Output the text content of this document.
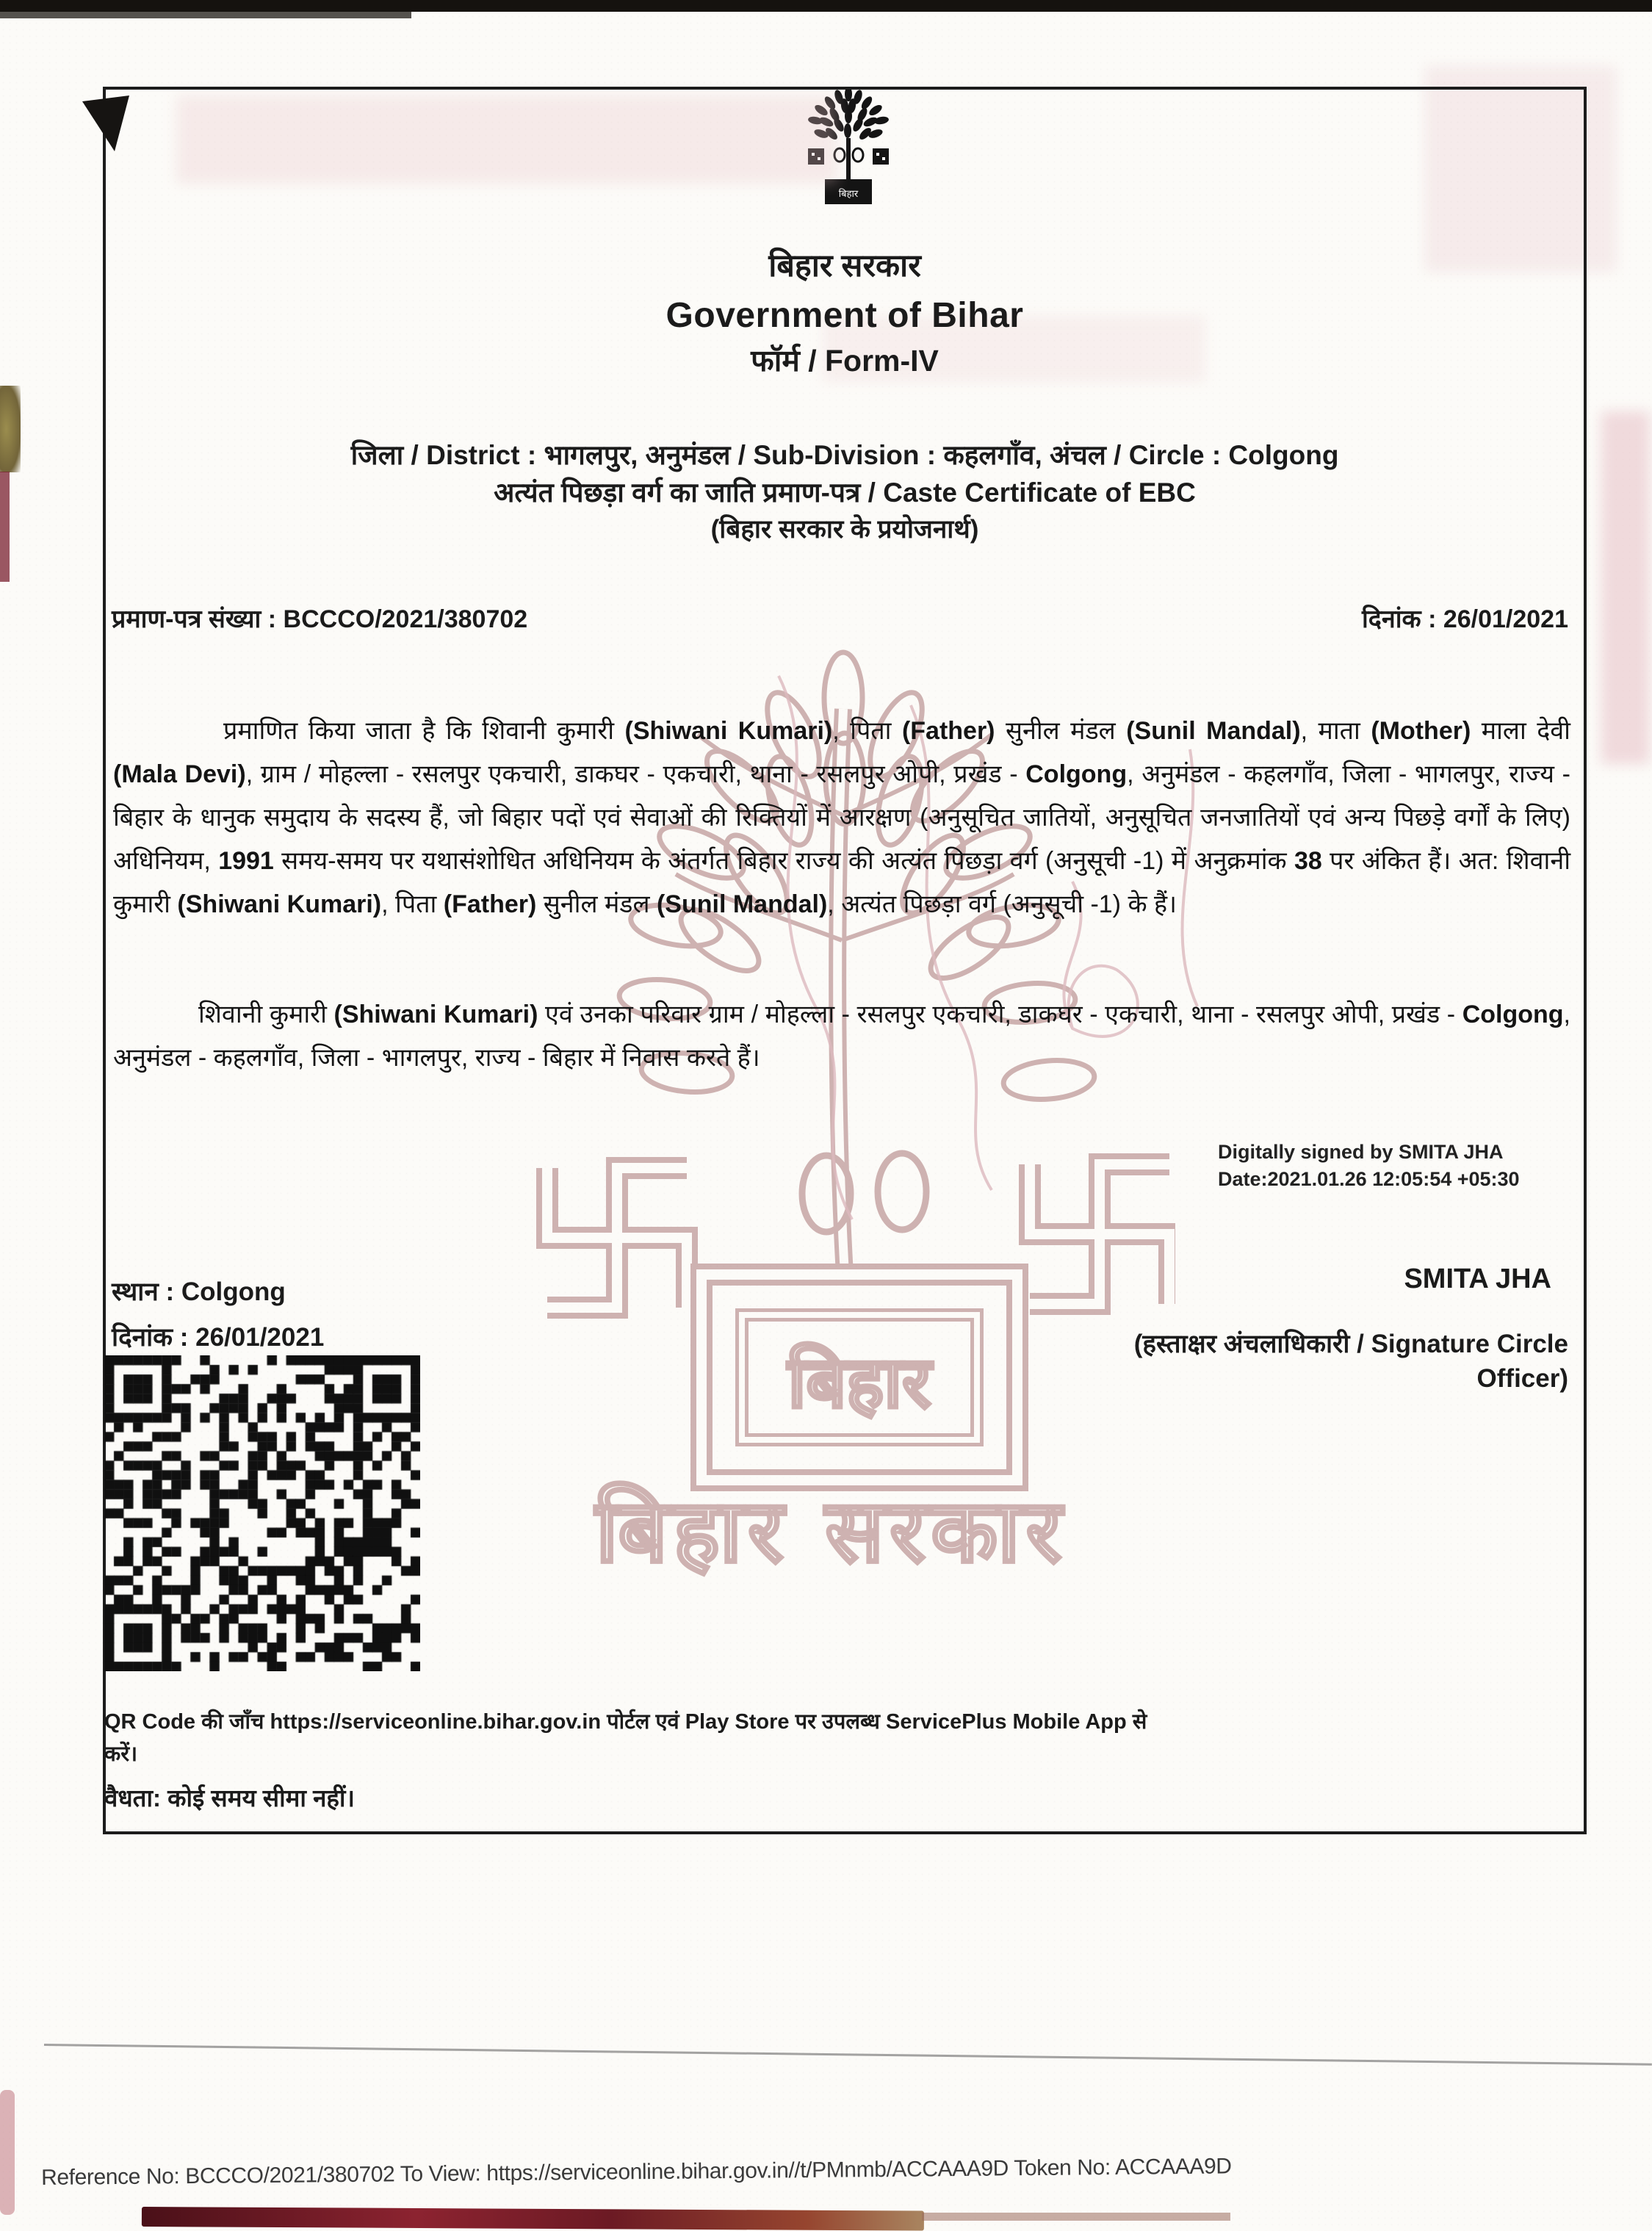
बिहार
बिहार सरकार
बिहार
बिहार सरकार
Government of Bihar
फॉर्म / Form-IV
जिला / District : भागलपुर, अनुमंडल / Sub-Division : कहलगाँव, अंचल / Circle : Colgong
अत्यंत पिछड़ा वर्ग का जाति प्रमाण-पत्र / Caste Certificate of EBC
(बिहार सरकार के प्रयोजनार्थ)
प्रमाण-पत्र संख्या : BCCCO/2021/380702	दिनांक : 26/01/2021
प्रमाणित किया जाता है कि शिवानी कुमारी (Shiwani Kumari), पिता (Father) सुनील मंडल (Sunil Mandal), माता (Mother) माला देवी (Mala Devi), ग्राम / मोहल्ला - रसलपुर एकचारी, डाकघर - एकचारी, थाना - रसलपुर ओपी, प्रखंड - Colgong, अनुमंडल - कहलगाँव, जिला - भागलपुर, राज्य - बिहार के धानुक समुदाय के सदस्य हैं, जो बिहार पदों एवं सेवाओं की रिक्तियों में आरक्षण (अनुसूचित जातियों, अनुसूचित जनजातियों एवं अन्य पिछड़े वर्गों के लिए) अधिनियम, 1991 समय-समय पर यथासंशोधित अधिनियम के अंतर्गत बिहार राज्य की अत्यंत पिछड़ा वर्ग (अनुसूची -1) में अनुक्रमांक 38 पर अंकित हैं। अत: शिवानी कुमारी (Shiwani Kumari), पिता (Father) सुनील मंडल (Sunil Mandal), अत्यंत पिछड़ा वर्ग (अनुसूची -1) के हैं।
शिवानी कुमारी (Shiwani Kumari) एवं उनका परिवार ग्राम / मोहल्ला - रसलपुर एकचारी, डाकघर - एकचारी, थाना - रसलपुर ओपी, प्रखंड - Colgong, अनुमंडल - कहलगाँव, जिला - भागलपुर, राज्य - बिहार में निवास करते हैं।
Digitally signed by SMITA JHA
Date:2021.01.26 12:05:54 +05:30
SMITA JHA
(हस्ताक्षर अंचलाधिकारी / Signature Circle
Officer)
स्थान : Colgong
दिनांक : 26/01/2021
QR Code की जाँच https://serviceonline.bihar.gov.in पोर्टल एवं Play Store पर उपलब्ध ServicePlus Mobile App से करें।
वैधता: कोई समय सीमा नहीं।
Reference No: BCCCO/2021/380702 To View: https://serviceonline.bihar.gov.in//t/PMnmb/ACCAAA9D Token No: ACCAAA9D
